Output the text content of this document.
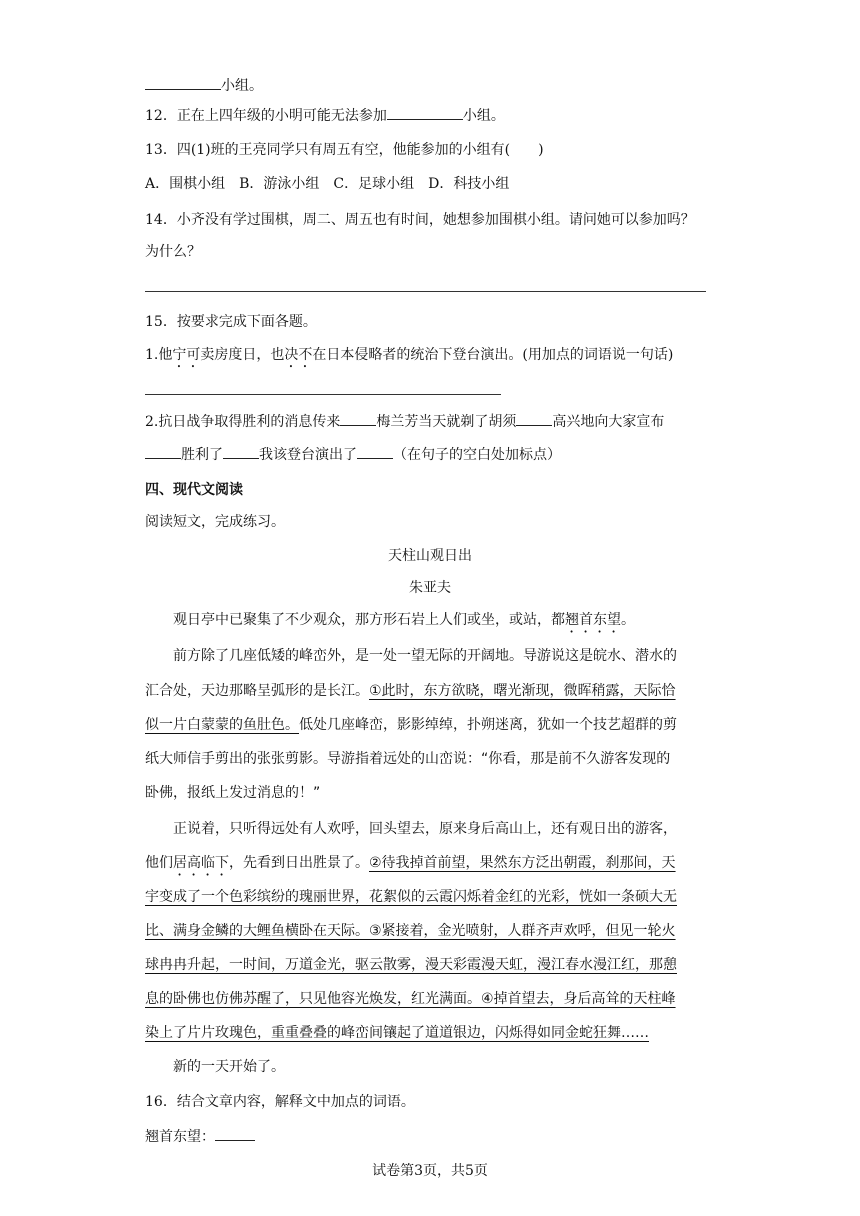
小组。
12．正在上四年级的小明可能无法参加	小组。
13．四(1)班的王亮同学只有周五有空，他能参加的小组有(　　)
A．围棋小组　B．游泳小组　C．足球小组　D．科技小组
14．小齐没有学过围棋，周二、周五也有时间，她想参加围棋小组。请问她可以参加吗？
为什么？
15．按要求完成下面各题。
1.他宁可卖房度日，也决不在日本侵略者的统治下登台演出。(用加点的词语说一句话)
2.抗日战争取得胜利的消息传来	梅兰芳当天就剃了胡须	高兴地向大家宣布
胜利了	我该登台演出了	（在句子的空白处加标点）
四、现代文阅读
阅读短文，完成练习。
天柱山观日出
朱亚夫
观日亭中已聚集了不少观众，那方形石岩上人们或坐，或站，都翘首东望。
前方除了几座低矮的峰峦外，是一处一望无际的开阔地。导游说这是皖水、潜水的
汇合处，天边那略呈弧形的是长江。①此时，东方欲晓，曙光渐现，微晖稍露，天际恰
似一片白蒙蒙的鱼肚色。低处几座峰峦，影影绰绰，扑朔迷离，犹如一个技艺超群的剪
纸大师信手剪出的张张剪影。导游指着远处的山峦说：“你看，那是前不久游客发现的
卧佛，报纸上发过消息的！”
正说着，只听得远处有人欢呼，回头望去，原来身后高山上，还有观日出的游客，
他们居高临下，先看到日出胜景了。②待我掉首前望，果然东方泛出朝霞，刹那间，天
宇变成了一个色彩缤纷的瑰丽世界，花絮似的云霞闪烁着金红的光彩，恍如一条硕大无
比、满身金鳞的大鲤鱼横卧在天际。③紧接着，金光喷射，人群齐声欢呼，但见一轮火
球冉冉升起，一时间，万道金光，驱云散雾，漫天彩霞漫天虹，漫江春水漫江红，那憩
息的卧佛也仿佛苏醒了，只见他容光焕发，红光满面。④掉首望去，身后高耸的天柱峰
染上了片片玫瑰色，重重叠叠的峰峦间镶起了道道银边，闪烁得如同金蛇狂舞……
新的一天开始了。
16．结合文章内容，解释文中加点的词语。
翘首东望：
试卷第3页，共5页
